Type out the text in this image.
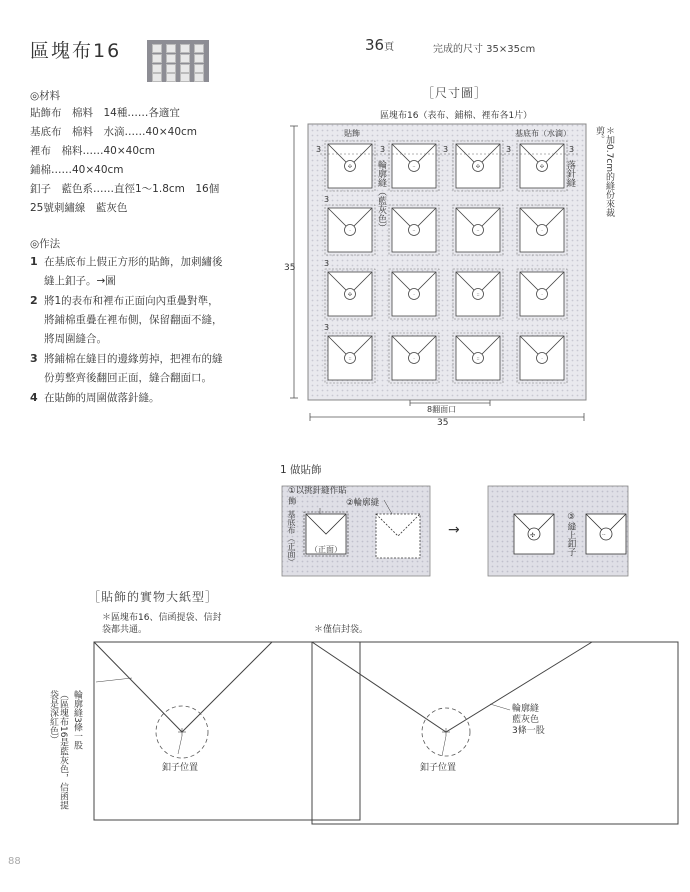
區塊布16	36頁	完成的尺寸 35×35cm
◎材料
貼飾布　棉料　14種……各適宜
基底布　棉料　水滴……40×40cm
裡布　棉料……40×40cm
鋪棉……40×40cm
釦子　藍色系……直徑1～1.8cm　16個
25號刺繡線　藍灰色
◎作法
1 在基底布上假正方形的貼飾，加刺繡後
縫上釦子。→圖
2 將1的表布和裡布正面向內重疊對準，
將鋪棉重疊在裡布側，保留翻面不縫，
將周圍縫合。
3 將鋪棉在縫目的邊緣剪掉，把裡布的縫
份剪整齊後翻回正面，縫合翻面口。
4 在貼飾的周圍做落針縫。
［尺寸圖］
區塊布16（表布、鋪棉、裡布各1片）
✣	··	✣	✣
·	··	··	·
✣	·	::	·
::	·	::	·
35
35
8翻面口
貼飾	基底布（水滴）
3	3	3	3	3
3
3
3
輪廓縫（藍灰色）	落針縫	＊加0.7cm的縫份來裁剪。
1 做貼飾
→	✣	··
①以挑針縫作貼飾	②輪廓縫
基底布（正面） （正面）	③縫上釦子
［貼飾的實物大紙型］
＊區塊布16、信函提袋、信封袋都共通。	＊僅信封袋。
釦子位置	釦子位置
輪廓縫3條一股
（區塊布16是藍灰色，信函提袋是深紅色）	輪廓縫
藍灰色
3條一股
88
